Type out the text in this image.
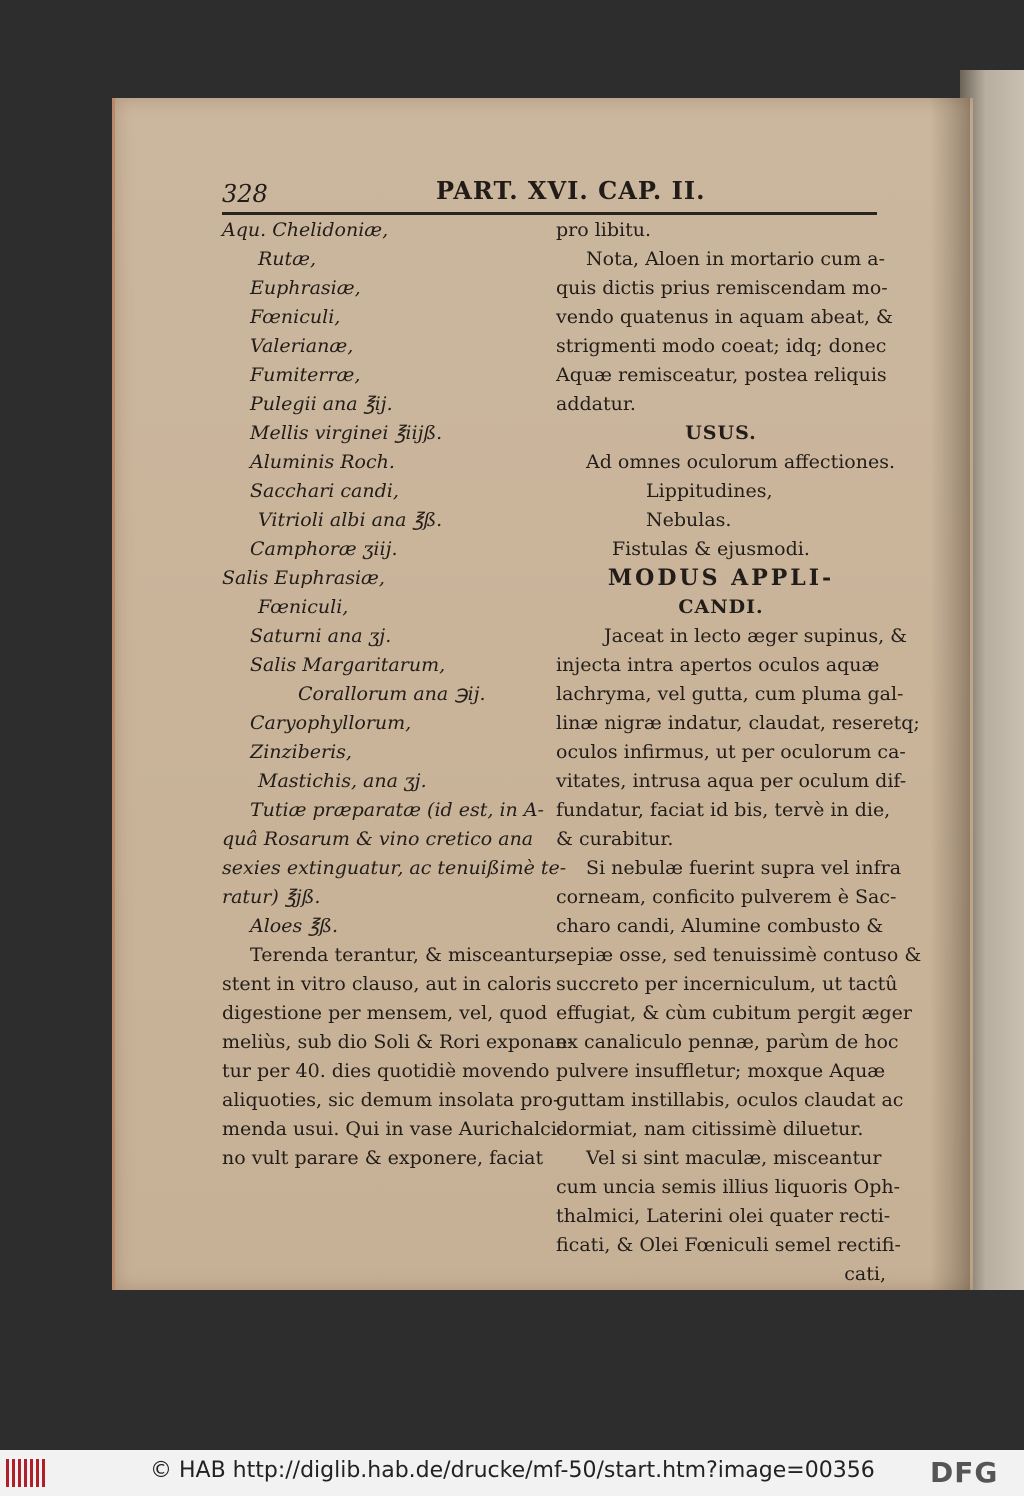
328	PART. XVI. CAP. II.
Aqu. Chelidoniæ,
Rutæ,
Euphrasiæ,
Fœniculi,
Valerianæ,
Fumiterræ,
Pulegii ana ℥ij.
Mellis virginei ℥iijß.
Aluminis Roch.
Sacchari candi,
Vitrioli albi ana ℥ß.
Camphoræ ʒiij.
Salis Euphrasiæ,
Fœniculi,
Saturni ana ʒj.
Salis Margaritarum,
Corallorum ana ℈ij.
Caryophyllorum,
Zinziberis,
Mastichis, ana ʒj.
Tutiæ præparatæ (id est, in A-
quâ Rosarum & vino cretico ana
sexies extinguatur, ac tenuißimè te-
ratur) ℥jß.
Aloes ℥ß.
Terenda terantur, & misceantur,
stent in vitro clauso, aut in caloris
digestione per mensem, vel, quod
meliùs, sub dio Soli & Rori exponan-
tur per 40. dies quotidiè movendo
aliquoties, sic demum insolata pro-
menda usui. Qui in vase Aurichalci-
no vult parare & exponere, faciat
pro libitu.
Nota, Aloen in mortario cum a-
quis dictis prius remiscendam mo-
vendo quatenus in aquam abeat, &
strigmenti modo coeat; idq; donec
Aquæ remisceatur, postea reliquis
addatur.
USUS.
Ad omnes oculorum affectiones.
Lippitudines,
Nebulas.
Fistulas & ejusmodi.
MODUS APPLI-
CANDI.
Jaceat in lecto æger supinus, &
injecta intra apertos oculos aquæ
lachryma, vel gutta, cum pluma gal-
linæ nigræ indatur, claudat, reseretq;
oculos infirmus, ut per oculorum ca-
vitates, intrusa aqua per oculum dif-
fundatur, faciat id bis, tervè in die,
& curabitur.
Si nebulæ fuerint supra vel infra
corneam, conficito pulverem è Sac-
charo candi, Alumine combusto &
sepiæ osse, sed tenuissimè contuso &
succreto per incerniculum, ut tactû
effugiat, & cùm cubitum pergit æger
ex canaliculo pennæ, parùm de hoc
pulvere insuffletur; moxque Aquæ
guttam instillabis, oculos claudat ac
dormiat, nam citissimè diluetur.
Vel si sint maculæ, misceantur
cum uncia semis illius liquoris Oph-
thalmici, Laterini olei quater recti-
ficati, & Olei Fœniculi semel rectifi-
cati,
© HAB http://diglib.hab.de/drucke/mf-50/start.htm?image=00356 DFG
